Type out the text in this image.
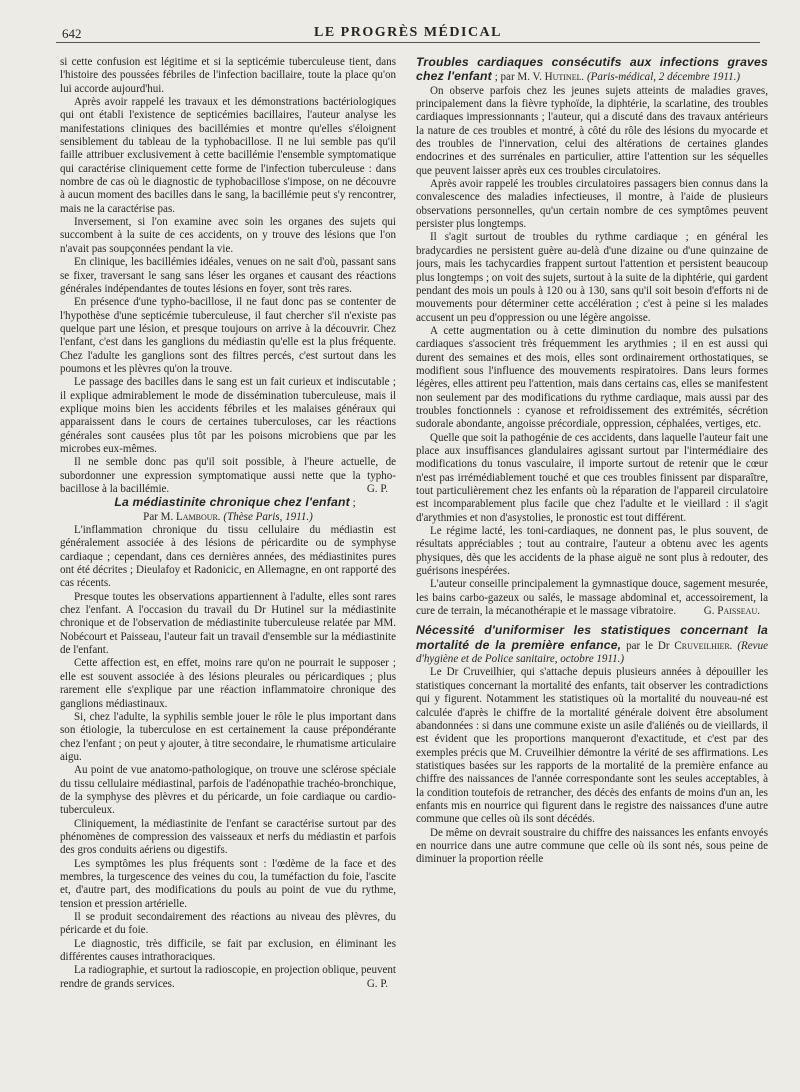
642	LE PROGRÈS MÉDICAL

si cette confusion est légitime et si la septicémie tuberculeuse tient, dans l'histoire des poussées fébriles de l'infection bacillaire, toute la place qu'on lui accorde aujourd'hui.

Après avoir rappelé les travaux et les démonstrations bactériologiques qui ont établi l'existence de septicémies bacillaires, l'auteur analyse les manifestations cliniques des bacillémies et montre qu'elles s'éloignent sensiblement du tableau de la typhobacillose. Il ne lui semble pas qu'il faille attribuer exclusivement à cette bacillémie l'ensemble symptomatique qui caractérise cliniquement cette forme de l'infection tuberculeuse : dans nombre de cas où le diagnostic de typhobacillose s'impose, on ne découvre à aucun moment des bacilles dans le sang, la bacillémie peut s'y rencontrer, mais ne la caractérise pas.

Inversement, si l'on examine avec soin les organes des sujets qui succombent à la suite de ces accidents, on y trouve des lésions que l'on n'avait pas soupçonnées pendant la vie.

En clinique, les bacillémies idéales, venues on ne sait d'où, passant sans se fixer, traversant le sang sans léser les organes et causant des réactions générales indépendantes de toutes lésions en foyer, sont très rares.

En présence d'une typho-bacillose, il ne faut donc pas se contenter de l'hypothèse d'une septicémie tuberculeuse, il faut chercher s'il n'existe pas quelque part une lésion, et presque toujours on arrive à la découvrir. Chez l'enfant, c'est dans les ganglions du médiastin qu'elle est la plus fréquente. Chez l'adulte les ganglions sont des filtres percés, c'est surtout dans les poumons et les plèvres qu'on la trouve.

Le passage des bacilles dans le sang est un fait curieux et indiscutable ; il explique admirablement le mode de dissémination tuberculeuse, mais il explique moins bien les accidents fébriles et les malaises généraux qui apparaissent dans le cours de certaines tuberculoses, car les réactions générales sont causées plus tôt par les poisons microbiens que par les microbes eux-mêmes.

Il ne semble donc pas qu'il soit possible, à l'heure actuelle, de subordonner une expression symptomatique aussi nette que la typho-bacillose à la bacillémie.	G. P.

La médiastinite chronique chez l'enfant ;
Par M. Lambour. (Thèse Paris, 1911.)

L'inflammation chronique du tissu cellulaire du médiastin est généralement associée à des lésions de péricardite ou de symphyse cardiaque ; cependant, dans ces dernières années, des médiastinites pures ont été décrites ; Dieulafoy et Radonicic, en Allemagne, en ont rapporté des cas récents.

Presque toutes les observations appartiennent à l'adulte, elles sont rares chez l'enfant. A l'occasion du travail du Dr Hutinel sur la médiastinite chronique et de l'observation de médiastinite tuberculeuse relatée par MM. Nobécourt et Paisseau, l'auteur fait un travail d'ensemble sur la médiastinite de l'enfant.

Cette affection est, en effet, moins rare qu'on ne pourrait le supposer ; elle est souvent associée à des lésions pleurales ou péricardiques ; plus rarement elle s'explique par une réaction inflammatoire chronique des ganglions médiastinaux.

Si, chez l'adulte, la syphilis semble jouer le rôle le plus important dans son étiologie, la tuberculose en est certainement la cause prépondérante chez l'enfant ; on peut y ajouter, à titre secondaire, le rhumatisme articulaire aigu.

Au point de vue anatomo-pathologique, on trouve une sclérose spéciale du tissu cellulaire médiastinal, parfois de l'adénopathie trachéo-bronchique, de la symphyse des plèvres et du péricarde, un foie cardiaque ou cardio-tuberculeux.

Cliniquement, la médiastinite de l'enfant se caractérise surtout par des phénomènes de compression des vaisseaux et nerfs du médiastin et parfois des gros conduits aériens ou digestifs.

Les symptômes les plus fréquents sont : l'œdème de la face et des membres, la turgescence des veines du cou, la tuméfaction du foie, l'ascite et, d'autre part, des modifications du pouls au point de vue du rythme, tension et pression artérielle.

Il se produit secondairement des réactions au niveau des plèvres, du péricarde et du foie.

Le diagnostic, très difficile, se fait par exclusion, en éliminant les différentes causes intrathoraciques.

La radiographie, et surtout la radioscopie, en projection oblique, peuvent rendre de grands services.	G. P.

Troubles cardiaques consécutifs aux infections graves chez l'enfant ; par M. V. Hutinel. (Paris-médical, 2 décembre 1911.)

On observe parfois chez les jeunes sujets atteints de maladies graves, principalement dans la fièvre typhoïde, la diphtérie, la scarlatine, des troubles cardiaques impressionnants ; l'auteur, qui a discuté dans des travaux antérieurs la nature de ces troubles et montré, à côté du rôle des lésions du myocarde et des troubles de l'innervation, celui des altérations de certaines glandes endocrines et des surrénales en particulier, attire l'attention sur les séquelles que peuvent laisser après eux ces troubles circulatoires.

Après avoir rappelé les troubles circulatoires passagers bien connus dans la convalescence des maladies infectieuses, il montre, à l'aide de plusieurs observations personnelles, qu'un certain nombre de ces symptômes peuvent persister plus longtemps.

Il s'agit surtout de troubles du rythme cardiaque ; en général les bradycardies ne persistent guère au-delà d'une dizaine ou d'une quinzaine de jours, mais les tachycardies frappent surtout l'attention et persistent beaucoup plus longtemps ; on voit des sujets, surtout à la suite de la diphtérie, qui gardent pendant des mois un pouls à 120 ou à 130, sans qu'il soit besoin d'efforts ni de mouvements pour déterminer cette accélération ; c'est à peine si les malades accusent un peu d'oppression ou une légère angoisse.

A cette augmentation ou à cette diminution du nombre des pulsations cardiaques s'associent très fréquemment les arythmies ; il en est aussi qui durent des semaines et des mois, elles sont ordinairement orthostatiques, se modifient sous l'influence des mouvements respiratoires. Dans leurs formes légères, elles attirent peu l'attention, mais dans certains cas, elles se manifestent non seulement par des modifications du rythme cardiaque, mais aussi par des troubles fonctionnels : cyanose et refroidissement des extrémités, sécrétion sudorale abondante, angoisse précordiale, oppression, céphalées, vertiges, etc.

Quelle que soit la pathogénie de ces accidents, dans laquelle l'auteur fait une place aux insuffisances glandulaires agissant surtout par l'intermédiaire des modifications du tonus vasculaire, il importe surtout de retenir que le cœur n'est pas irrémédiablement touché et que ces troubles finissent par disparaître, tout particulièrement chez les enfants où la réparation de l'appareil circulatoire est incomparablement plus facile que chez l'adulte et le vieillard : il s'agit d'arythmies et non d'asystolies, le pronostic est tout différent.

Le régime lacté, les toni-cardiaques, ne donnent pas, le plus souvent, de résultats appréciables ; tout au contraire, l'auteur a obtenu avec les agents physiques, dès que les accidents de la phase aiguë ne sont plus à redouter, des guérisons inespérées.

L'auteur conseille principalement la gymnastique douce, sagement mesurée, les bains carbo-gazeux ou salés, le massage abdominal et, accessoirement, la cure de terrain, la mécanothérapie et le massage vibratoire.	G. Paisseau.

Nécessité d'uniformiser les statistiques concernant la mortalité de la première enfance, par le Dr Cruveilhier. (Revue d'hygiène et de Police sanitaire, octobre 1911.)

Le Dr Cruveilhier, qui s'attache depuis plusieurs années à dépouiller les statistiques concernant la mortalité des enfants, tait observer les contradictions qui y figurent. Notamment les statistiques où la mortalité du nouveau-né est calculée d'après le chiffre de la mortalité générale doivent être absolument abandonnées : si dans une commune existe un asile d'aliénés ou de vieillards, il est évident que les proportions manqueront d'exactitude, et c'est par des exemples précis que M. Cruveilhier démontre la vérité de ses affirmations. Les statistiques basées sur les rapports de la mortalité de la première enfance au chiffre des naissances de l'année correspondante sont les seules acceptables, à la condition toutefois de retrancher, des décès des enfants de moins d'un an, les enfants mis en nourrice qui figurent dans le registre des naissances d'une autre commune que celles où ils sont décédés.

De même on devrait soustraire du chiffre des naissances les enfants envoyés en nourrice dans une autre commune que celle où ils sont nés, sous peine de diminuer la proportion réelle
